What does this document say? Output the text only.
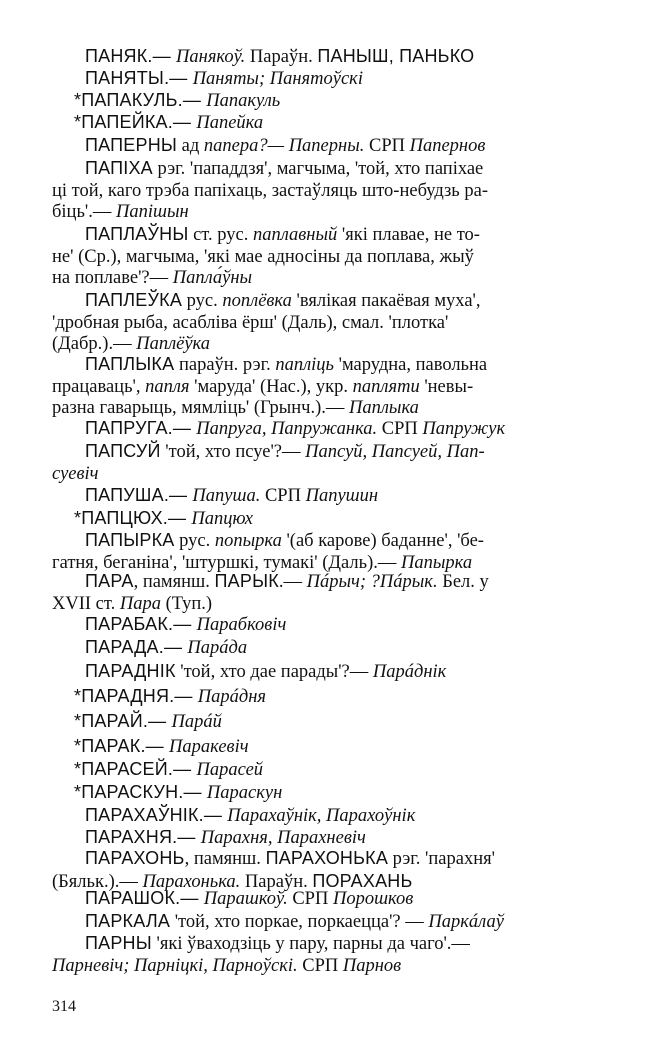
ПАНЯК.— Панякоў. Параўн. ПАНЫШ, ПАНЬКО

ПАНЯТЫ.— Паняты; Панятоўскі

*ПАПАКУЛЬ.— Папакуль

*ПАПЕЙКА.— Папейка

ПАПЕРНЫ ад папера?— Паперны. СРП Папернов

ПАПІХА рэг. 'пападдзя', магчыма, 'той, хто папіхае

ці той, каго трэба папіхаць, застаўляць што-небудзь ра-

біць'.— Папішын

ПАПЛАЎНЫ ст. рус. паплавный 'які плавае, не то-

не' (Ср.), магчыма, 'які мае адносіны да поплава, жыў

на поплаве'?— Папла́ўны

ПАПЛЕЎКА рус. поплёвка 'вялікая пакаёвая муха',

'дробная рыба, асабліва ёрш' (Даль), смал. 'плотка'

(Дабр.).— Паплёўка

ПАПЛЫКА параўн. рэг. папліць 'марудна, павольна

працаваць', папля 'маруда' (Нас.), укр. папляти 'невы-

разна гаварыць, мямліць' (Грынч.).— Паплыка

ПАПРУГА.— Папруга, Папружанка. СРП Папружук

ПАПСУЙ 'той, хто псуе'?— Папсуй, Папсуей, Пап-

суевіч

ПАПУША.— Папуша. СРП Папушин

*ПАПЦЮХ.— Папцюх

ПАПЫРКА рус. попырка '(аб карове) баданне', 'бе-

гатня, беганіна', 'штуршкі, тумакі' (Даль).— Папырка

ПАРА, памянш. ПАРЫК.— Пáрыч; ?Пáрык. Бел. у

XVII ст. Пара (Туп.)

ПАРАБАК.— Парабковіч

ПАРАДА.— Парáда

ПАРАДНІК 'той, хто дае парады'?— Парáднік

*ПАРАДНЯ.— Парáдня

*ПАРАЙ.— Парáй

*ПАРАК.— Паракевіч

*ПАРАСЕЙ.— Парасей

*ПАРАСКУН.— Параскун

ПАРАХАЎНІК.— Парахаўнік, Парахоўнік

ПАРАХНЯ.— Парахня, Парахневіч

ПАРАХОНЬ, памянш. ПАРАХОНЬКА рэг. 'парахня'

(Бяльк.).— Парахонька. Параўн. ПОРАХАНЬ

ПАРАШОК.— Парашкоў. СРП Порошков

ПАРКАЛА 'той, хто поркае, поркаецца'? — Паркáлаў

ПАРНЫ 'які ўваходзіць у пару, парны да чаго'.—

Парневіч; Парніцкі, Парноўскі. СРП Парнов

314
